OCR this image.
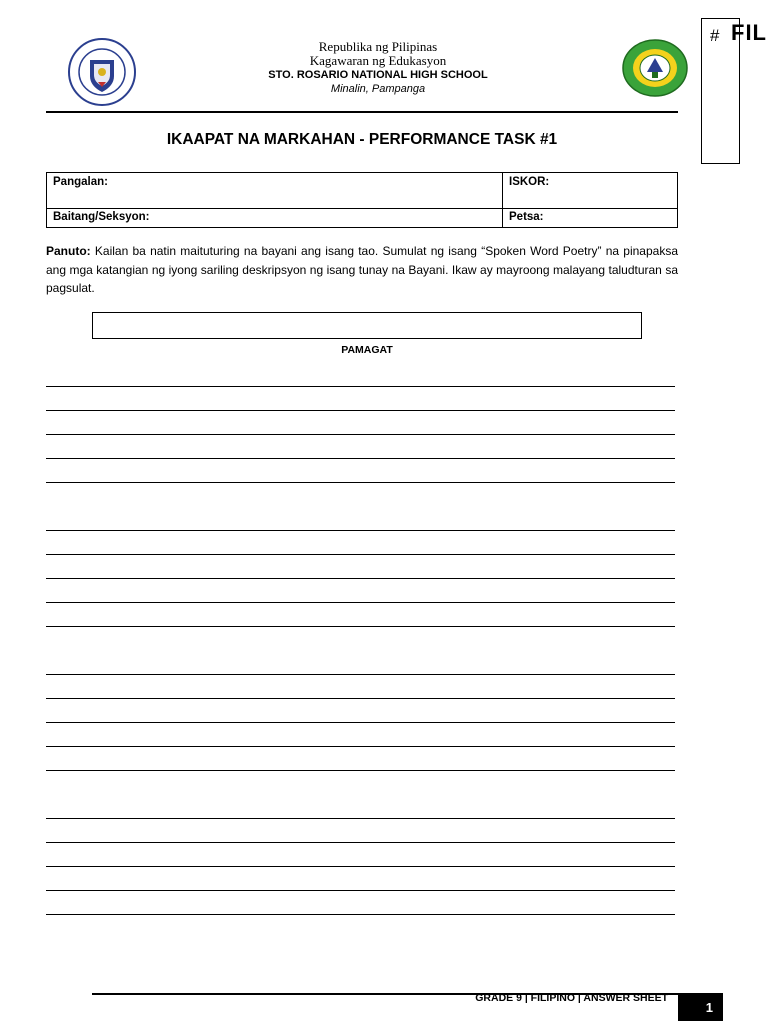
Republika ng Pilipinas
Kagawaran ng Edukasyon
STO. ROSARIO NATIONAL HIGH SCHOOL
Minalin, Pampanga
# FIL
IKAAPAT NA MARKAHAN - PERFORMANCE TASK #1
Pangalan:	ISKOR:
Baitang/Seksyon:	Petsa:
Panuto: Kailan ba natin maituturing na bayani ang isang tao. Sumulat ng isang “Spoken Word Poetry” na pinapaksa ang mga katangian ng iyong sariling deskripsyon ng isang tunay na Bayani. Ikaw ay mayroong malayang taludturan sa pagsulat.
PAMAGAT
GRADE 9 | FILIPINO | ANSWER SHEET
1
